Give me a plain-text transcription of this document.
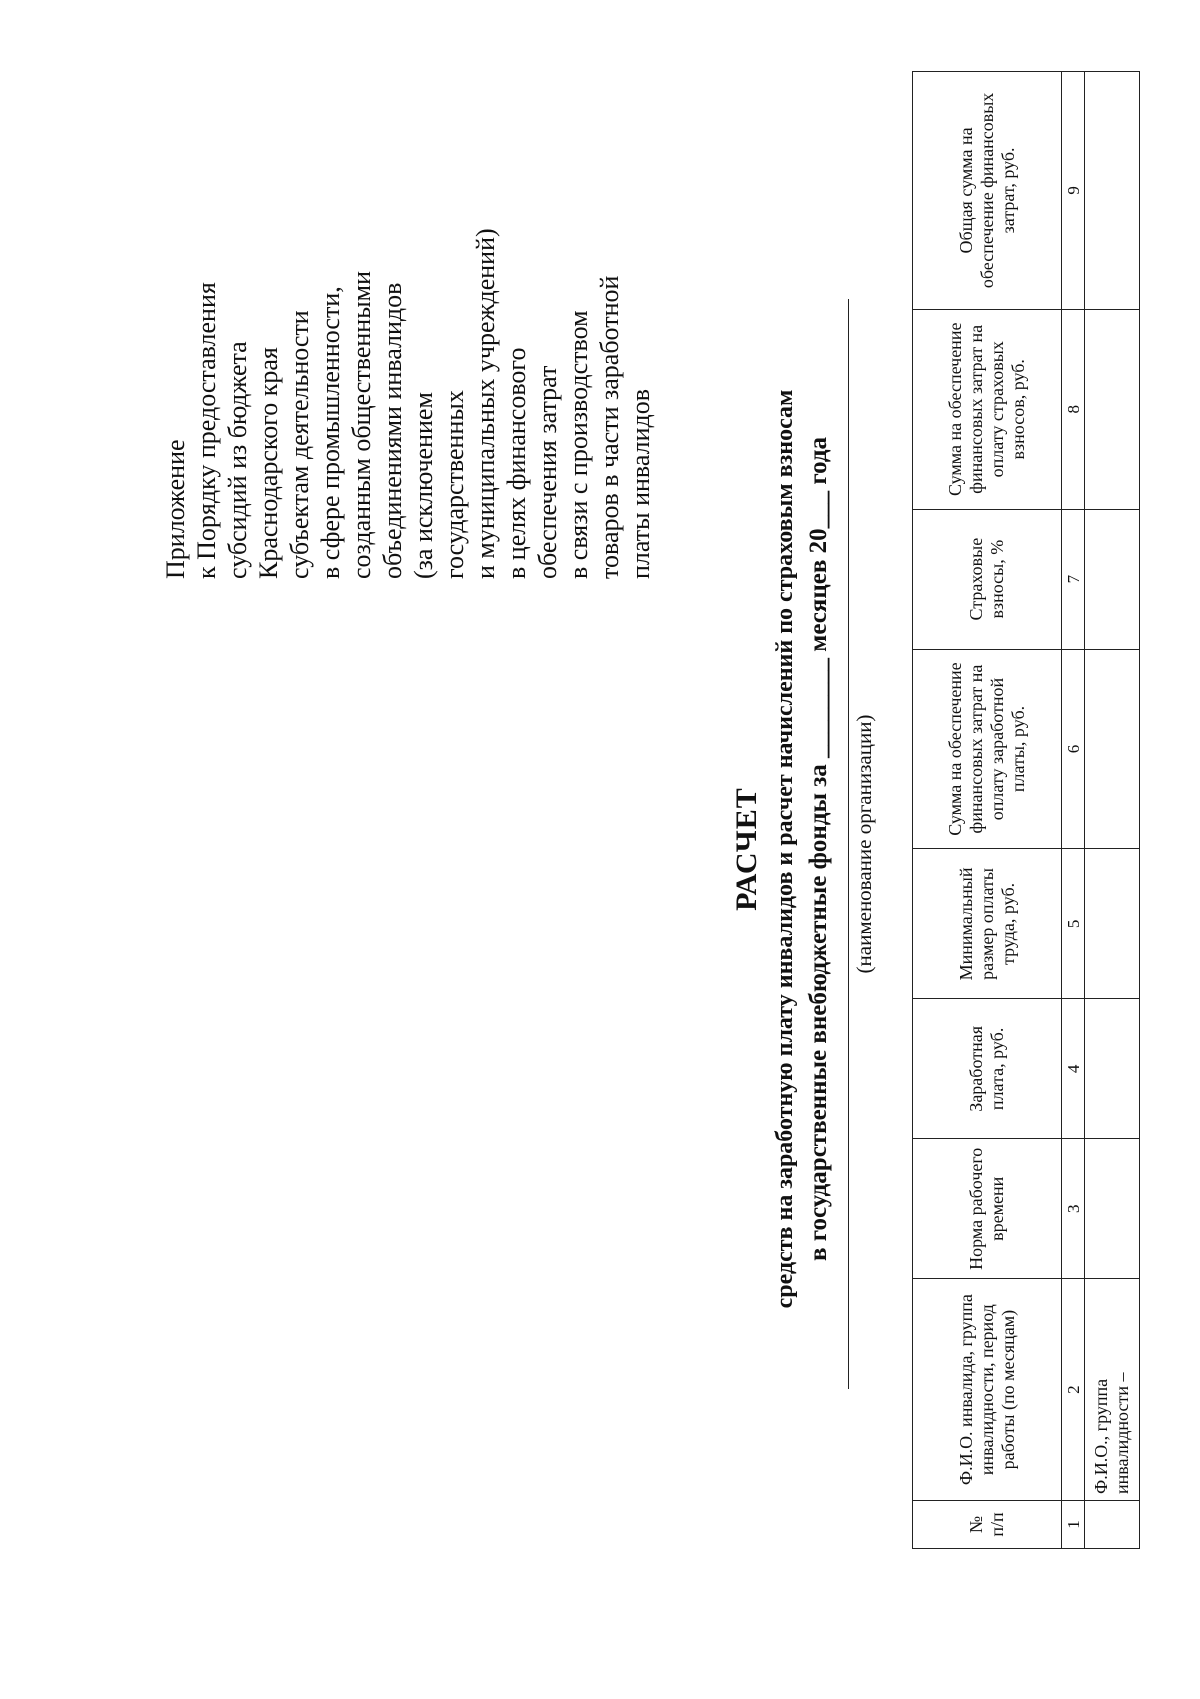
Приложение к Порядку предоставления субсидий из бюджета Краснодарского края субъектам деятельности в сфере промышленности, созданным общественными объединениями инвалидов (за исключением государственных и муниципальных учреждений) в целях финансового обеспечения затрат в связи с производством товаров в части заработной платы инвалидов
РАСЧЕТ средств на заработную плату инвалидов и расчет начислений по страховым взносам в государственные внебюджетные фонды за ________ месяцев 20___ года (наименование организации)
№ п/п	Ф.И.О. инвалида, группа инвалидности, период работы (по месяцам)	Норма рабочего времени	Заработная плата, руб.	Минимальный размер оплаты труда, руб.	Сумма на обеспечение финансовых затрат на оплату заработной платы, руб.	Страховые взносы, %	Сумма на обеспечение финансовых затрат на оплату страховых взносов, руб.	Общая сумма на обеспечение финансовых затрат, руб.
1	2	3	4	5	6	7	8	9
	Ф.И.О., группа инвалидности –							
